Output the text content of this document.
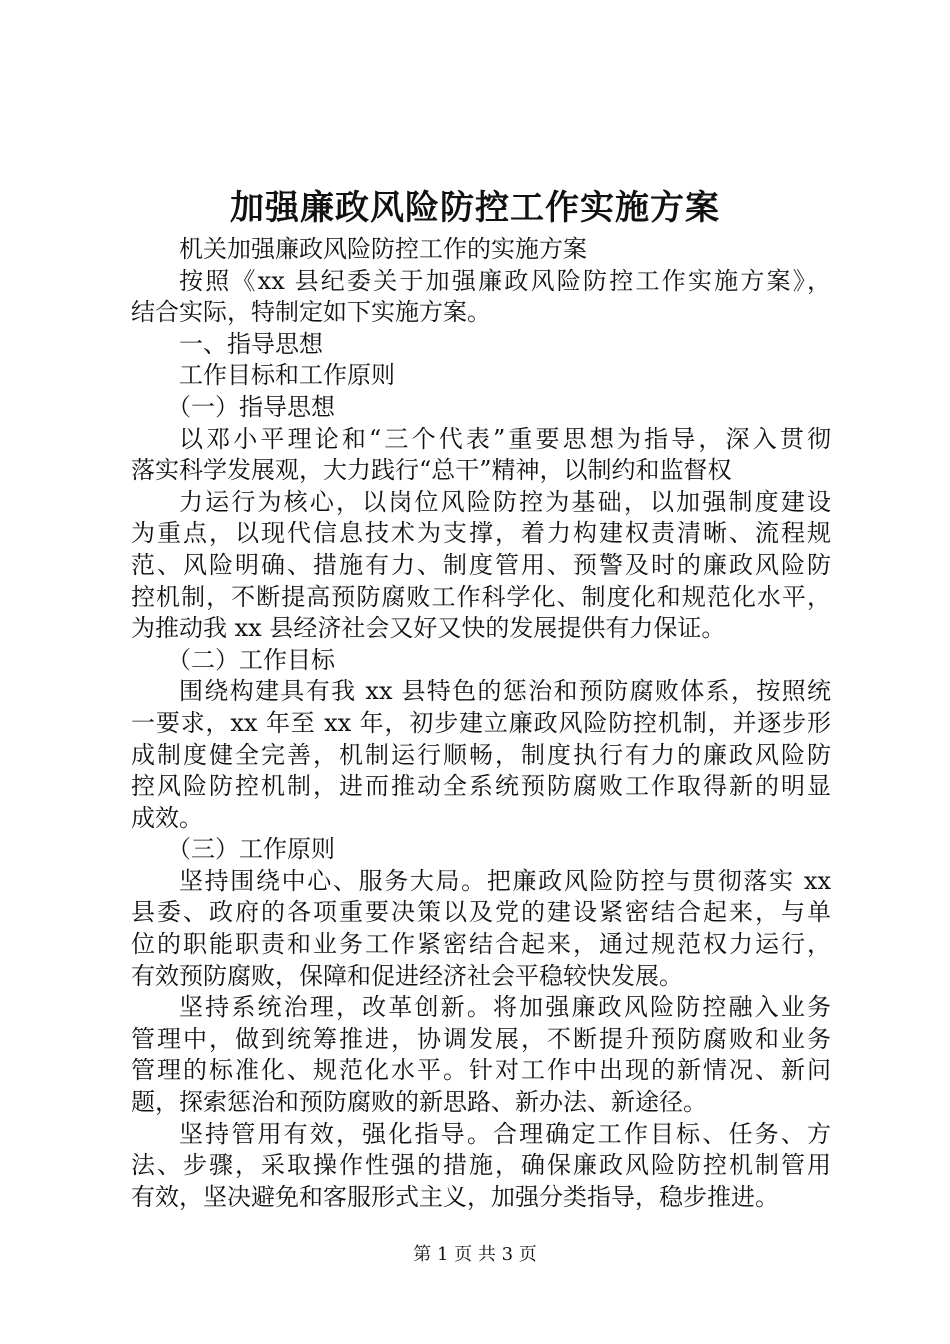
加强廉政风险防控工作实施方案
机关加强廉政风险防控工作的实施方案
按照《xx 县纪委关于加强廉政风险防控工作实施方案》，
结合实际，特制定如下实施方案。
一、指导思想
工作目标和工作原则
（一）指导思想
以邓小平理论和“三个代表”重要思想为指导，深入贯彻
落实科学发展观，大力践行“总干”精神，以制约和监督权
力运行为核心，以岗位风险防控为基础，以加强制度建设
为重点，以现代信息技术为支撑，着力构建权责清晰、流程规
范、风险明确、措施有力、制度管用、预警及时的廉政风险防
控机制，不断提高预防腐败工作科学化、制度化和规范化水平，
为推动我 xx 县经济社会又好又快的发展提供有力保证。
（二）工作目标
围绕构建具有我 xx 县特色的惩治和预防腐败体系，按照统
一要求，xx 年至 xx 年，初步建立廉政风险防控机制，并逐步形
成制度健全完善，机制运行顺畅，制度执行有力的廉政风险防
控风险防控机制，进而推动全系统预防腐败工作取得新的明显
成效。
（三）工作原则
坚持围绕中心、服务大局。把廉政风险防控与贯彻落实 xx
县委、政府的各项重要决策以及党的建设紧密结合起来，与单
位的职能职责和业务工作紧密结合起来，通过规范权力运行，
有效预防腐败，保障和促进经济社会平稳较快发展。
坚持系统治理，改革创新。将加强廉政风险防控融入业务
管理中，做到统筹推进，协调发展，不断提升预防腐败和业务
管理的标准化、规范化水平。针对工作中出现的新情况、新问
题，探索惩治和预防腐败的新思路、新办法、新途径。
坚持管用有效，强化指导。合理确定工作目标、任务、方
法、步骤，采取操作性强的措施，确保廉政风险防控机制管用
有效，坚决避免和客服形式主义，加强分类指导，稳步推进。
第 1 页 共 3 页
